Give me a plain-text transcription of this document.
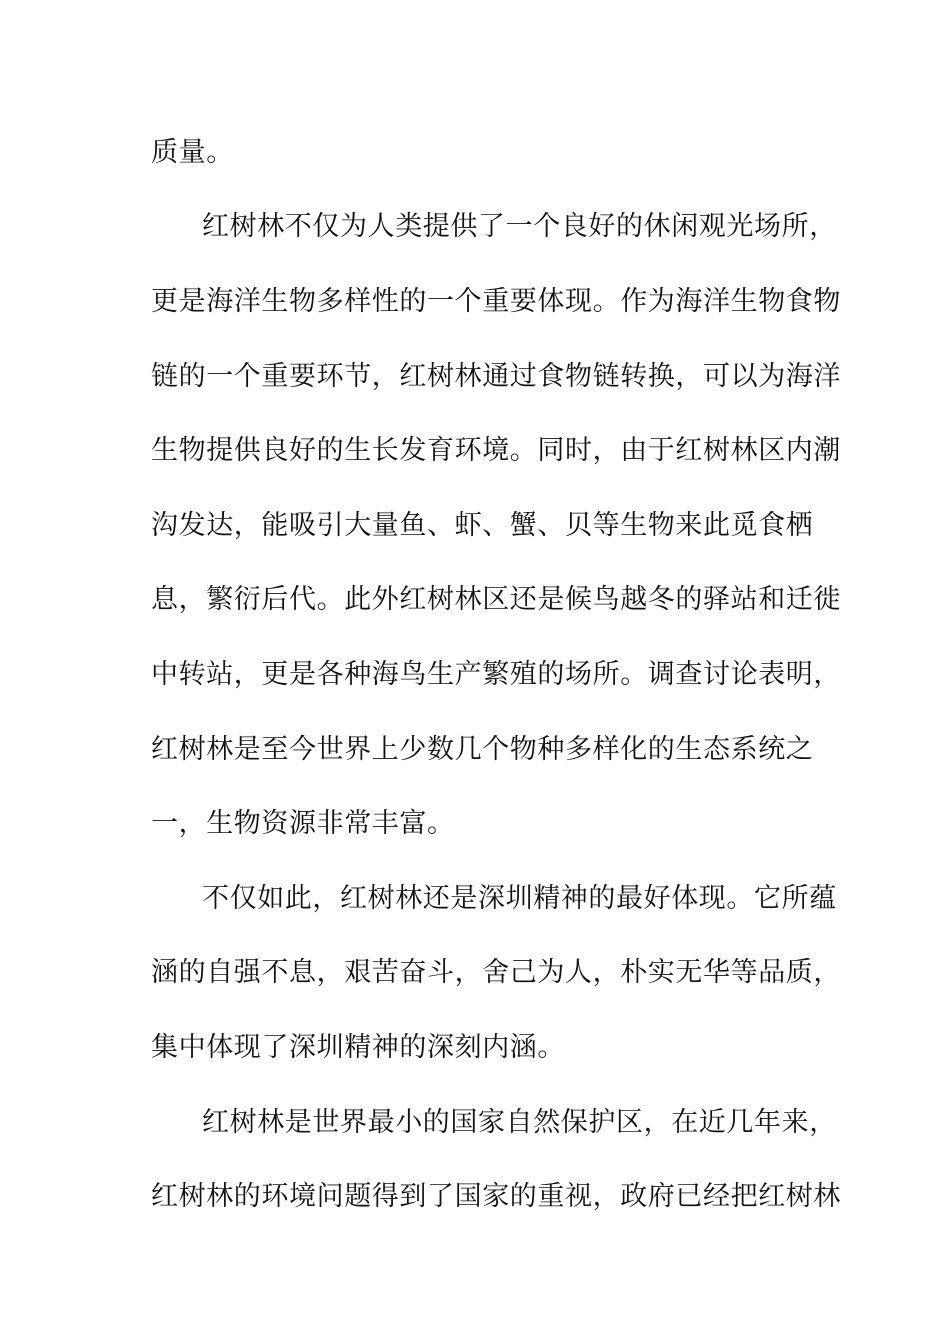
质量。
红树林不仅为人类提供了一个良好的休闲观光场所，
更是海洋生物多样性的一个重要体现。作为海洋生物食物
链的一个重要环节，红树林通过食物链转换，可以为海洋
生物提供良好的生长发育环境。同时，由于红树林区内潮
沟发达，能吸引大量鱼、虾、蟹、贝等生物来此觅食栖
息，繁衍后代。此外红树林区还是候鸟越冬的驿站和迁徙
中转站，更是各种海鸟生产繁殖的场所。调查讨论表明，
红树林是至今世界上少数几个物种多样化的生态系统之
一，生物资源非常丰富。
不仅如此，红树林还是深圳精神的最好体现。它所蕴
涵的自强不息，艰苦奋斗，舍己为人，朴实无华等品质，
集中体现了深圳精神的深刻内涵。
红树林是世界最小的国家自然保护区，在近几年来，
红树林的环境问题得到了国家的重视，政府已经把红树林
